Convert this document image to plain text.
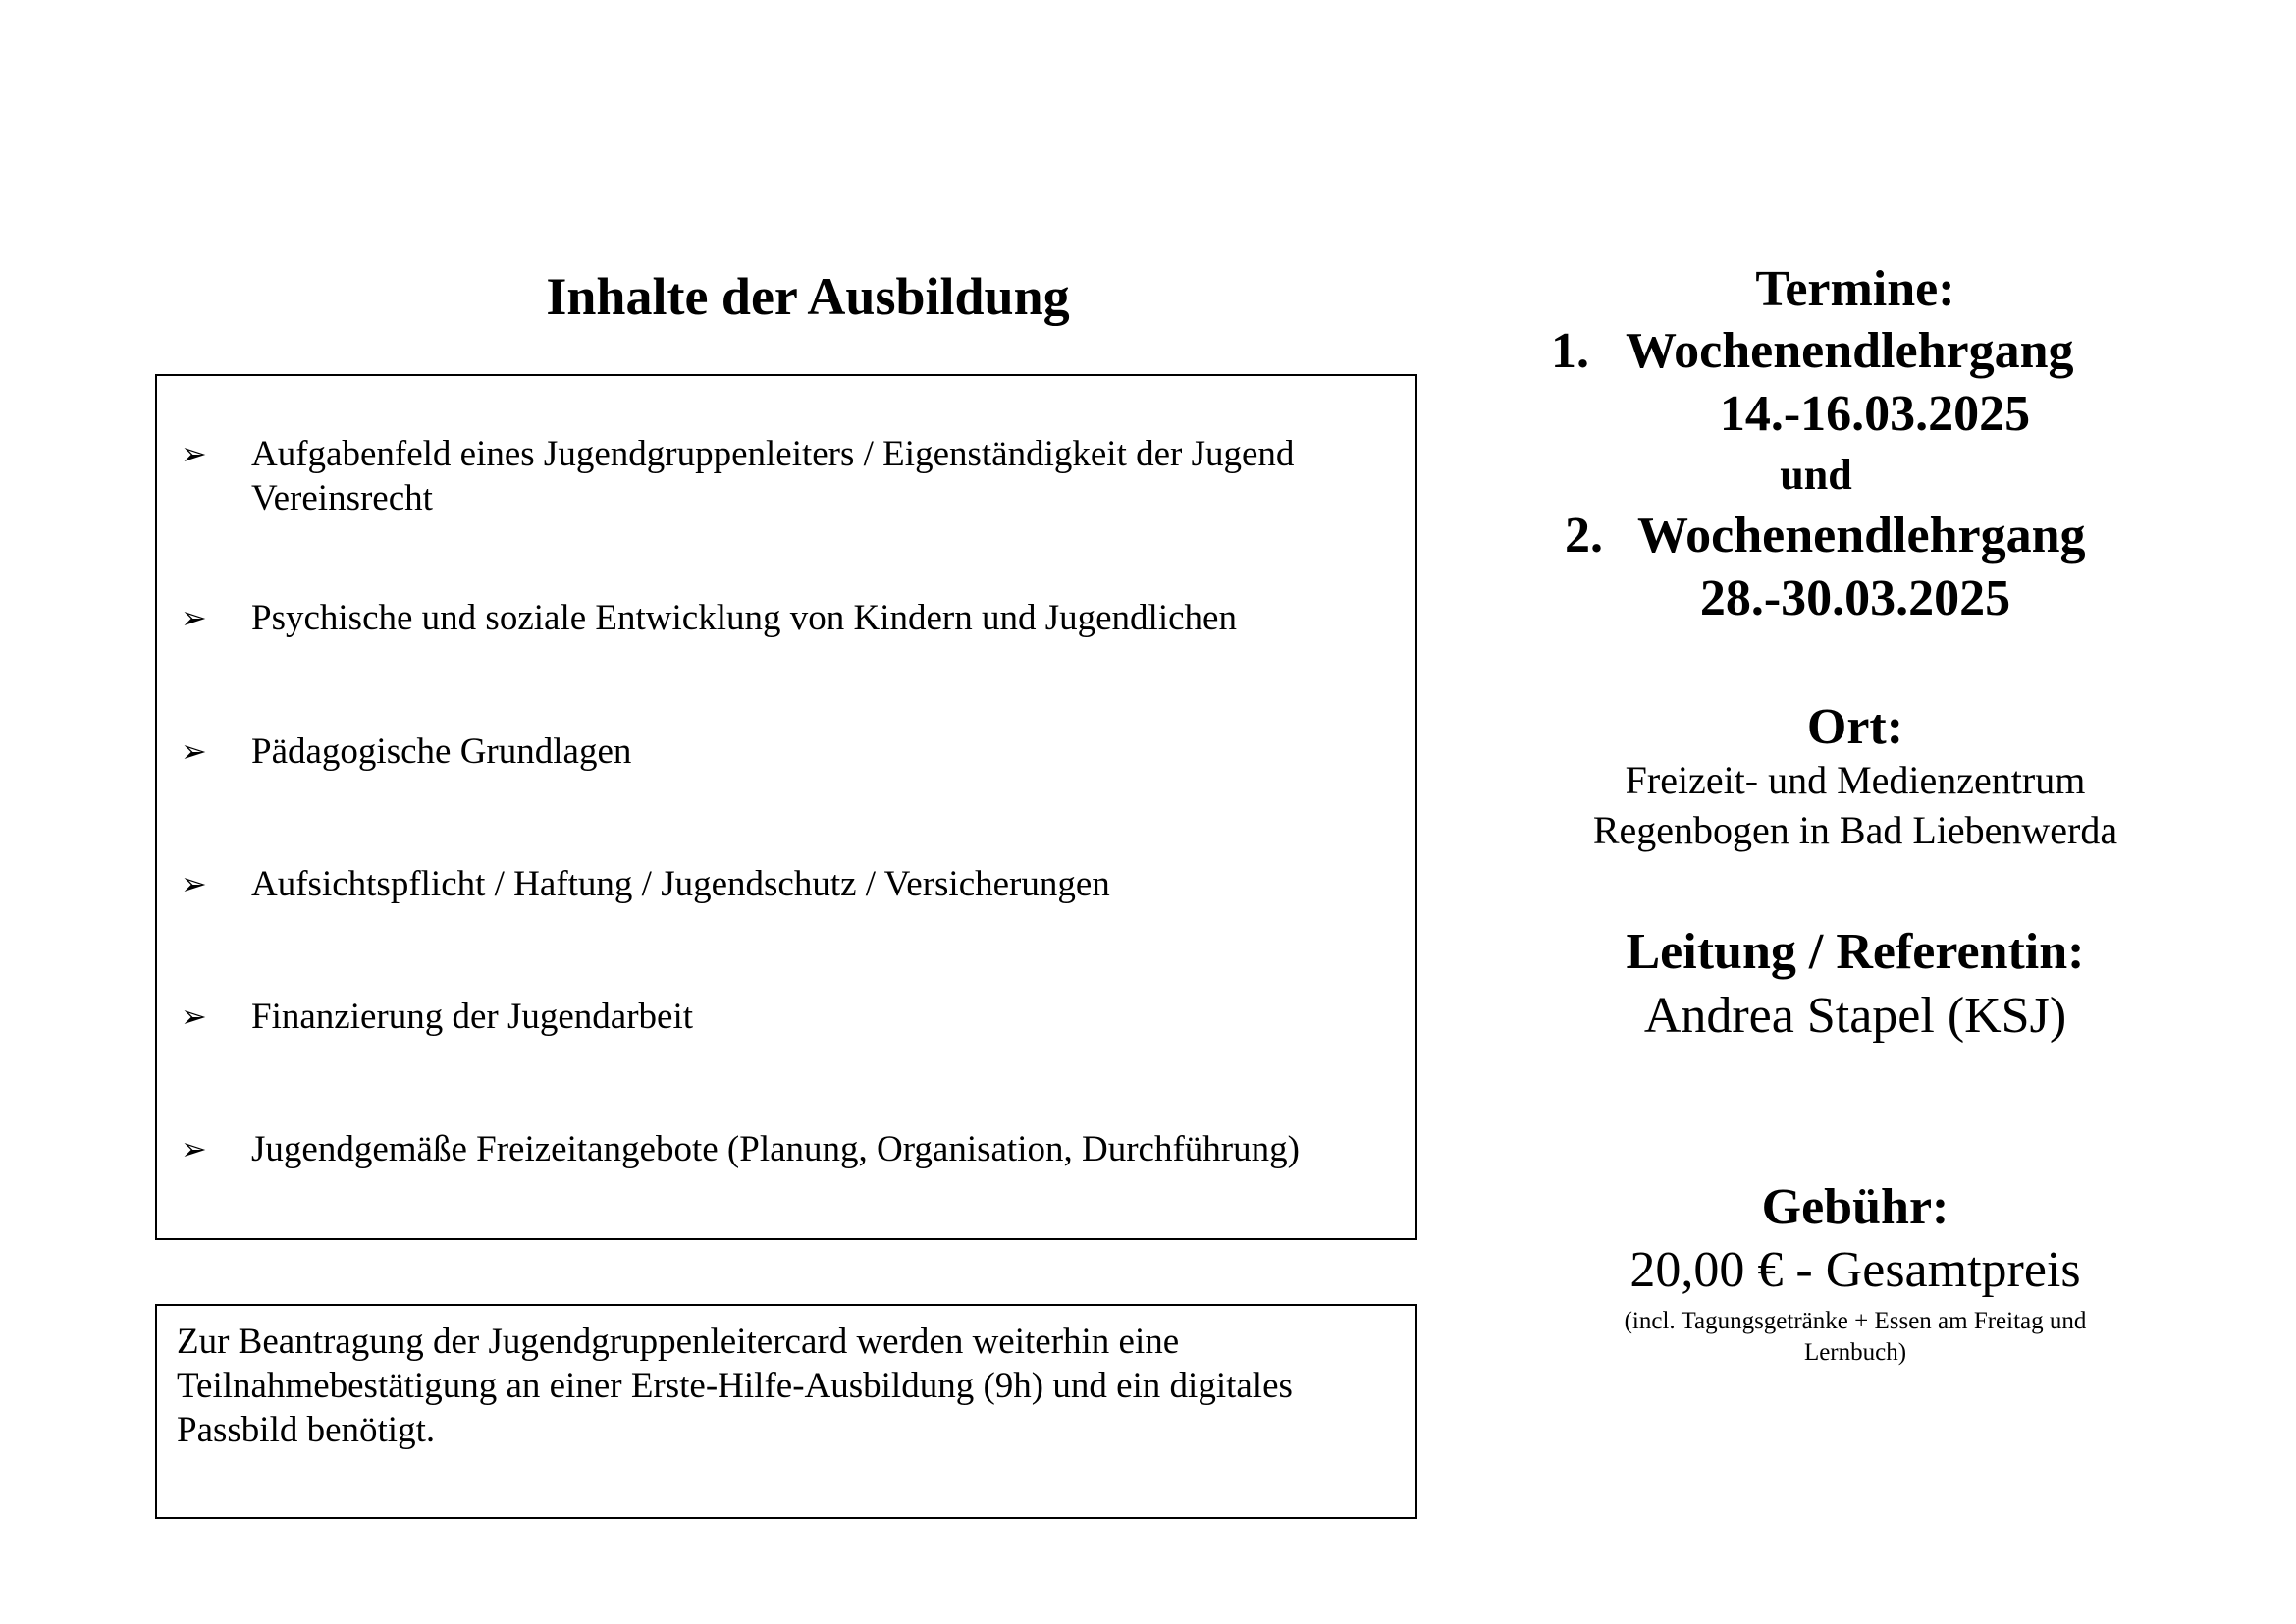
Inhalte der Ausbildung
➢	Aufgabenfeld eines Jugendgruppenleiters / Eigenständigkeit der Jugend
Vereinsrecht
➢	Psychische und soziale Entwicklung von Kindern und Jugendlichen
➢	Pädagogische Grundlagen
➢	Aufsichtspflicht / Haftung / Jugendschutz / Versicherungen
➢	Finanzierung der Jugendarbeit
➢	Jugendgemäße Freizeitangebote (Planung, Organisation, Durchführung)
Zur Beantragung der Jugendgruppenleitercard werden weiterhin eine
Teilnahmebestätigung an einer Erste-Hilfe-Ausbildung (9h) und ein digitales
Passbild benötigt.
Termine:
1. Wochenendlehrgang
14.-16.03.2025
und
2. Wochenendlehrgang
28.-30.03.2025
Ort:
Freizeit- und Medienzentrum
Regenbogen in Bad Liebenwerda
Leitung / Referentin:
Andrea Stapel (KSJ)
Gebühr:
20,00 € - Gesamtpreis
(incl. Tagungsgetränke + Essen am Freitag und
Lernbuch)
